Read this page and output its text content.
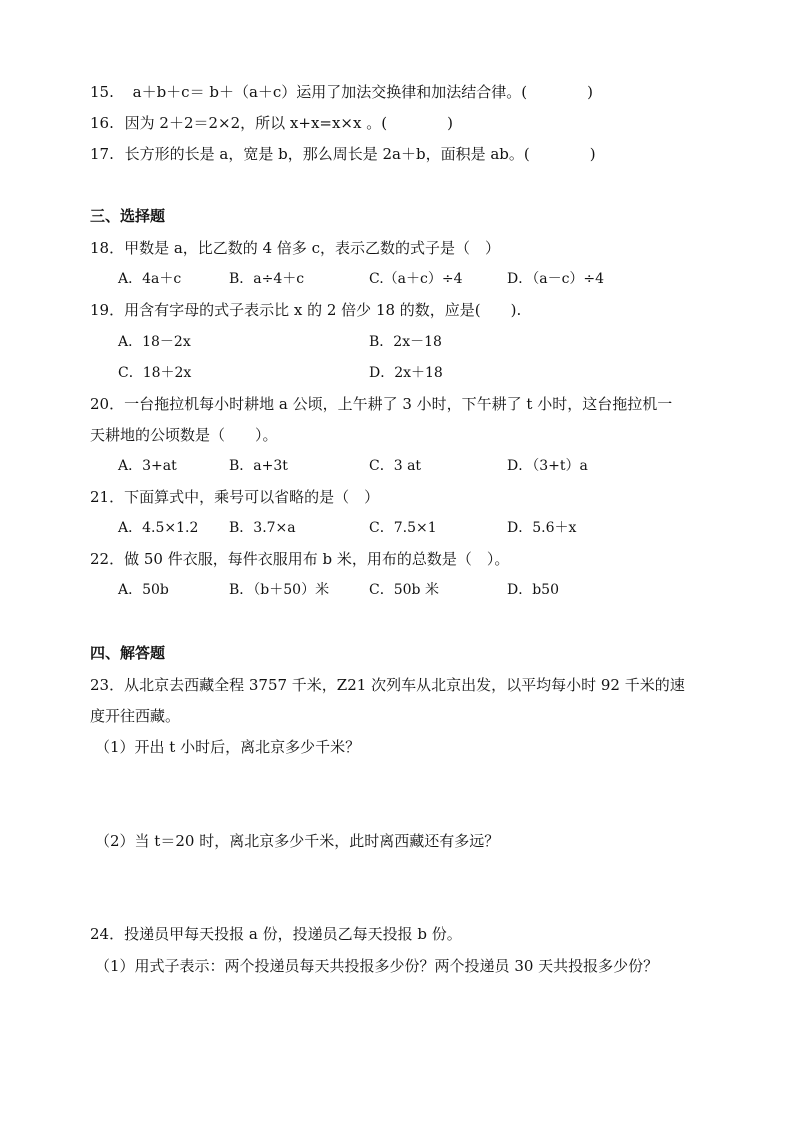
15. a＋b＋c＝ b＋（a＋c）运用了加法交换律和加法结合律。(　　　　)
16. 因为 2＋2＝2×2，所以 x+x=x×x 。(　　　　)
17. 长方形的长是 a，宽是 b，那么周长是 2a＋b，面积是 ab。(　　　　)
三、选择题
18．甲数是 a，比乙数的 4 倍多 c，表示乙数的式子是（　）
A．4a＋c	B．a÷4＋c	C.（a＋c）÷4	D．（a－c）÷4
19．用含有字母的式子表示比 x 的 2 倍少 18 的数，应是(　　).
A．18－2x	B．2x－18
C．18＋2x	D．2x＋18
20．一台拖拉机每小时耕地 a 公顷，上午耕了 3 小时，下午耕了 t 小时，这台拖拉机一
天耕地的公顷数是（　　）。
A．3+at	B．a+3t	C．3 at	D．（3+t）a
21．下面算式中，乘号可以省略的是（　）
A．4.5×1.2 B．3.7×a	C．7.5×1	D．5.6＋x
22．做 50 件衣服，每件衣服用布 b 米，用布的总数是（　）。
A．50b	B．（b＋50）米	C．50b 米	D．b50
四、解答题
23．从北京去西藏全程 3757 千米，Z21 次列车从北京出发，以平均每小时 92 千米的速
度开往西藏。
（1）开出 t 小时后，离北京多少千米？
（2）当 t＝20 时，离北京多少千米，此时离西藏还有多远？
24．投递员甲每天投报 a 份，投递员乙每天投报 b 份。
（1）用式子表示：两个投递员每天共投报多少份？两个投递员 30 天共投报多少份？
